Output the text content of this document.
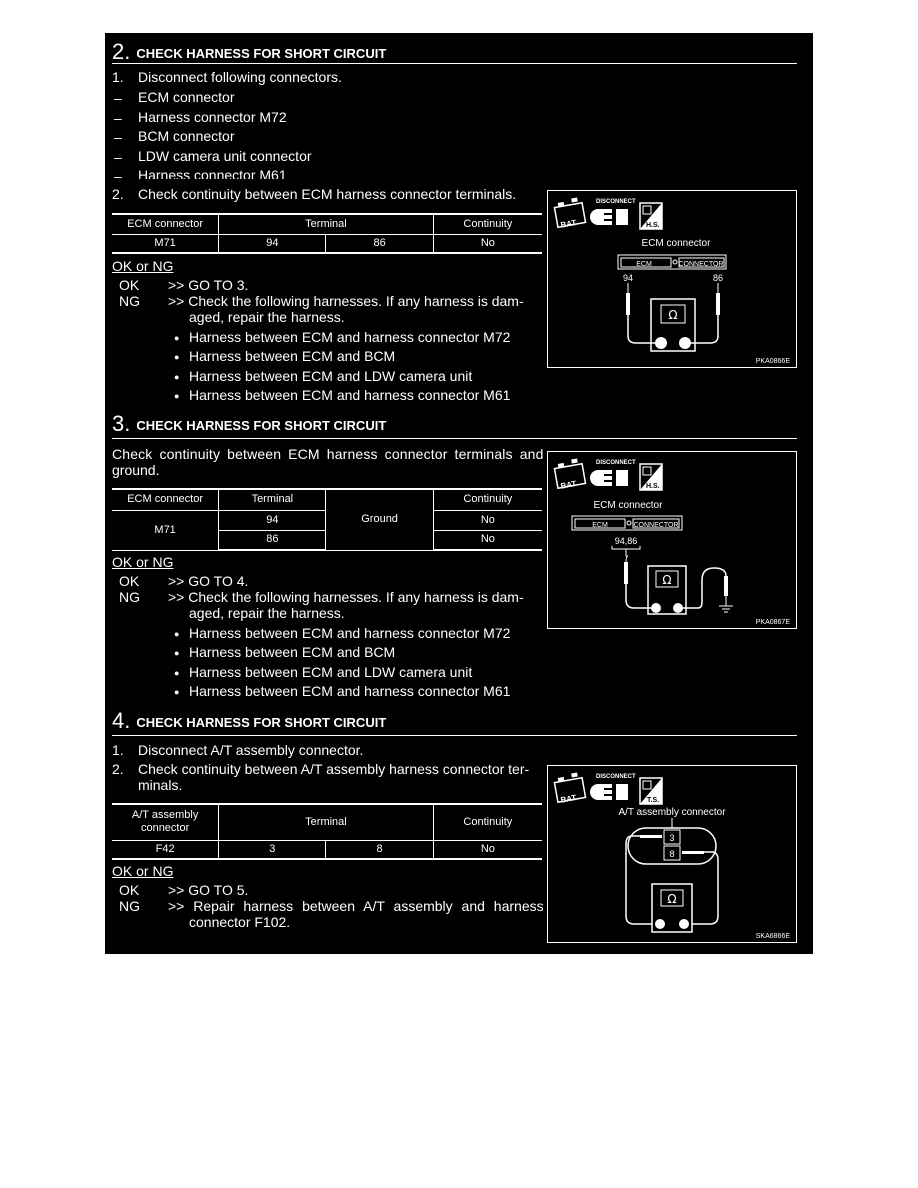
2. CHECK HARNESS FOR SHORT CIRCUIT
1. Disconnect following connectors.
– ECM connector
– Harness connector M72
– BCM connector
– LDW camera unit connector
– Harness connector M61
2. Check continuity between ECM harness connector terminals.
ECM connector	Terminal		Continuity
M71	94	86	No
OK or NG
OK >> GO TO 3.
NG >> Check the following harnesses. If any harness is dam-
aged, repair the harness.
● Harness between ECM and harness connector M72
● Harness between ECM and BCM
● Harness between ECM and LDW camera unit
● Harness between ECM and harness connector M61
BAT
DISCONNECT
H.S.
ECM connector
ECM	CONNECTOR
94	86
Ω
PKA0866E
3. CHECK HARNESS FOR SHORT CIRCUIT
Check continuity between ECM harness connector terminals and
ground.
ECM connector	Terminal	Ground	Continuity
M71	94		No
	86		No
OK or NG
OK >> GO TO 4.
NG >> Check the following harnesses. If any harness is dam-
aged, repair the harness.
● Harness between ECM and harness connector M72
● Harness between ECM and BCM
● Harness between ECM and LDW camera unit
● Harness between ECM and harness connector M61
BAT
DISCONNECT
H.S.
ECM connector
ECM	CONNECTOR
94,86
Ω
PKA0867E
4. CHECK HARNESS FOR SHORT CIRCUIT
1. Disconnect A/T assembly connector.
2. Check continuity between A/T assembly harness connector ter-
minals.
A/T assembly
connector	Terminal		Continuity
F42	3	8	No
OK or NG
OK >> GO TO 5.
NG >> Repair harness between A/T assembly and harness
connector F102.
BAT
DISCONNECT
T.S.
A/T assembly connector
3
8
Ω
SKA6866E
